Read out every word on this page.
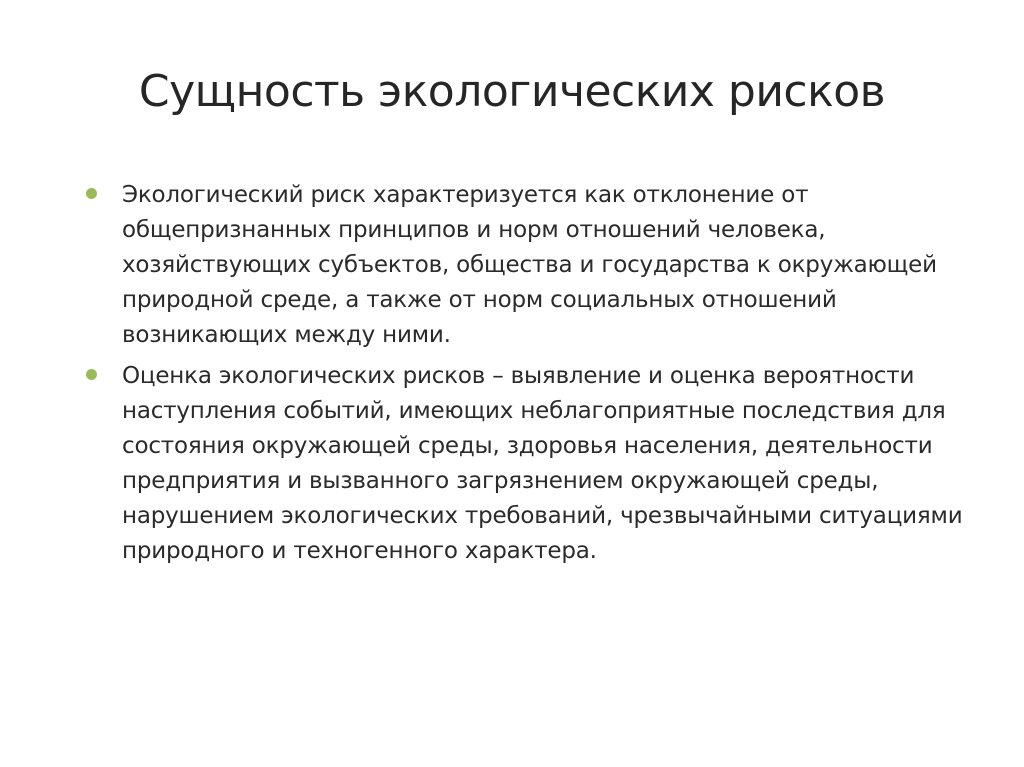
Сущность экологических рисков
Экологический риск характеризуется как отклонение от общепризнанных принципов и норм отношений человека, хозяйствующих субъектов, общества и государства к окружающей природной среде, а также от норм социальных отношений возникающих между ними.
Оценка экологических рисков – выявление и оценка вероятности наступления событий, имеющих неблагоприятные последствия для состояния окружающей среды, здоровья населения, деятельности предприятия и вызванного загрязнением окружающей среды, нарушением экологических требований, чрезвычайными ситуациями природного и техногенного характера.
